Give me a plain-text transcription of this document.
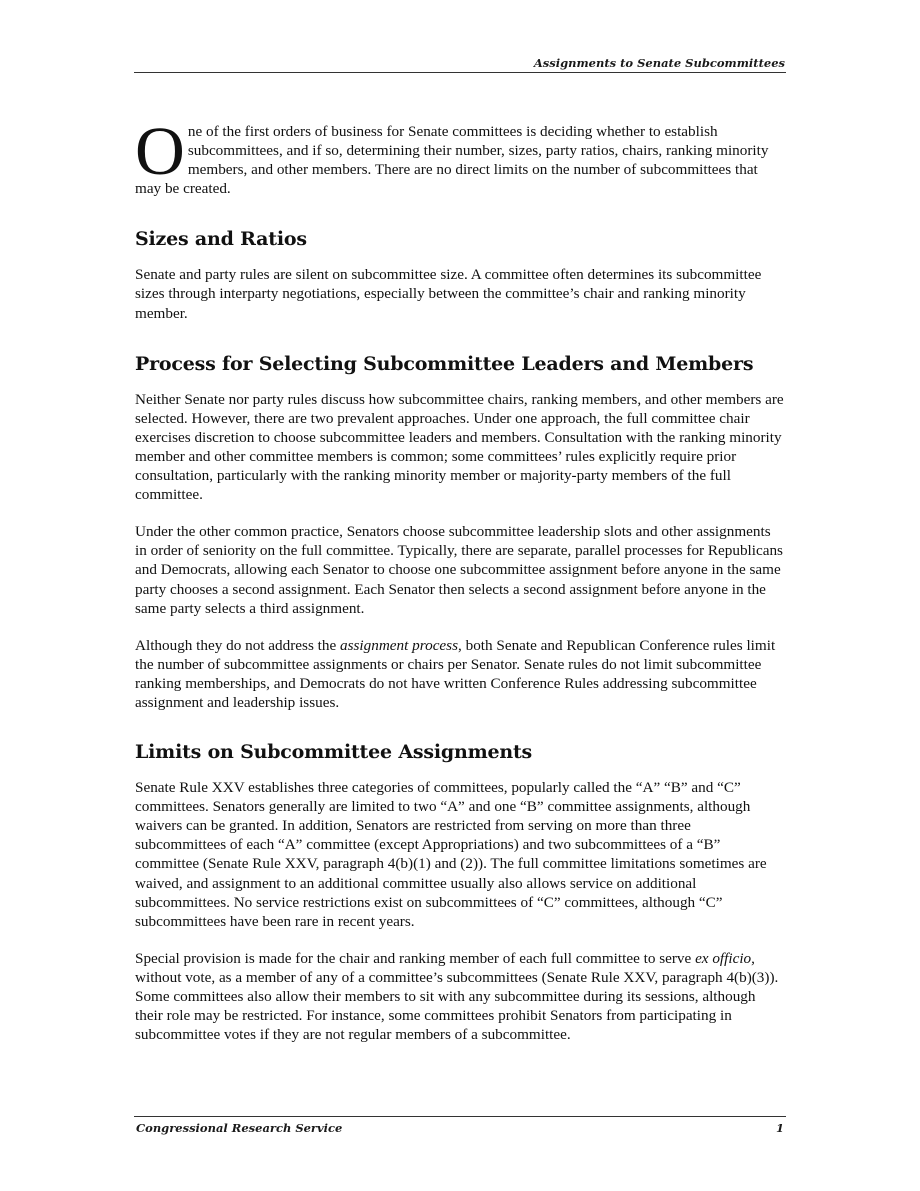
Assignments to Senate Subcommittees

One of the first orders of business for Senate committees is deciding whether to establish subcommittees, and if so, determining their number, sizes, party ratios, chairs, ranking minority members, and other members. There are no direct limits on the number of subcommittees that may be created.

Sizes and Ratios

Senate and party rules are silent on subcommittee size. A committee often determines its subcommittee sizes through interparty negotiations, especially between the committee’s chair and ranking minority member.

Process for Selecting Subcommittee Leaders and Members

Neither Senate nor party rules discuss how subcommittee chairs, ranking members, and other members are selected. However, there are two prevalent approaches. Under one approach, the full committee chair exercises discretion to choose subcommittee leaders and members. Consultation with the ranking minority member and other committee members is common; some committees’ rules explicitly require prior consultation, particularly with the ranking minority member or majority-party members of the full committee.

Under the other common practice, Senators choose subcommittee leadership slots and other assignments in order of seniority on the full committee. Typically, there are separate, parallel processes for Republicans and Democrats, allowing each Senator to choose one subcommittee assignment before anyone in the same party chooses a second assignment. Each Senator then selects a second assignment before anyone in the same party selects a third assignment.

Although they do not address the assignment process, both Senate and Republican Conference rules limit the number of subcommittee assignments or chairs per Senator. Senate rules do not limit subcommittee ranking memberships, and Democrats do not have written Conference Rules addressing subcommittee assignment and leadership issues.

Limits on Subcommittee Assignments

Senate Rule XXV establishes three categories of committees, popularly called the “A” “B” and “C” committees. Senators generally are limited to two “A” and one “B” committee assignments, although waivers can be granted. In addition, Senators are restricted from serving on more than three subcommittees of each “A” committee (except Appropriations) and two subcommittees of a “B” committee (Senate Rule XXV, paragraph 4(b)(1) and (2)). The full committee limitations sometimes are waived, and assignment to an additional committee usually also allows service on additional subcommittees. No service restrictions exist on subcommittees of “C” committees, although “C” subcommittees have been rare in recent years.

Special provision is made for the chair and ranking member of each full committee to serve ex officio, without vote, as a member of any of a committee’s subcommittees (Senate Rule XXV, paragraph 4(b)(3)). Some committees also allow their members to sit with any subcommittee during its sessions, although their role may be restricted. For instance, some committees prohibit Senators from participating in subcommittee votes if they are not regular members of a subcommittee.

Congressional Research Service	1
